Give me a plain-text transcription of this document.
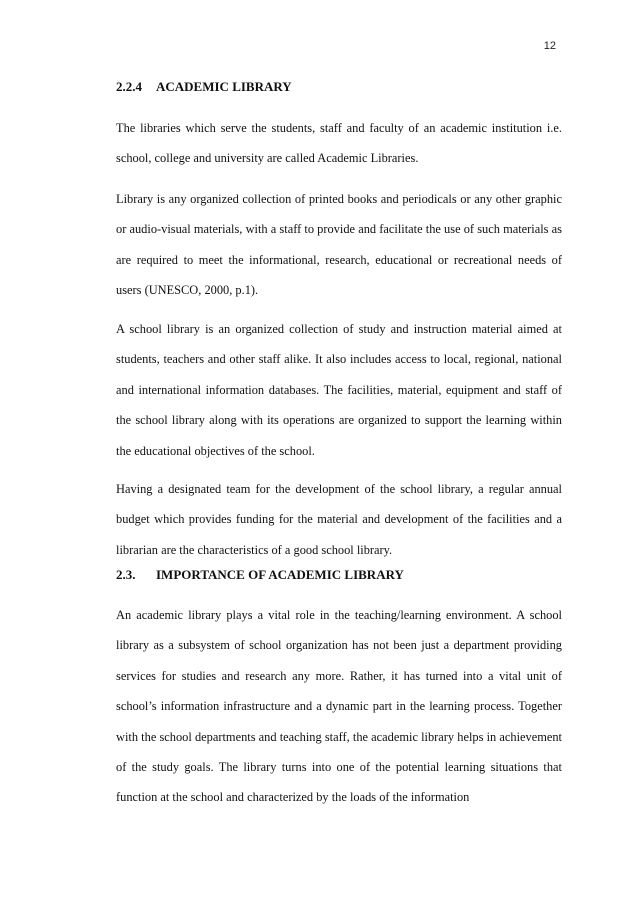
12
2.2.4 ACADEMIC LIBRARY

The libraries which serve the students, staff and faculty of an academic institution i.e. school, college and university are called Academic Libraries.

Library is any organized collection of printed books and periodicals or any other graphic or audio-visual materials, with a staff to provide and facilitate the use of such materials as are required to meet the informational, research, educational or recreational needs of users (UNESCO, 2000, p.1).

A school library is an organized collection of study and instruction material aimed at students, teachers and other staff alike. It also includes access to local, regional, national and international information databases. The facilities, material, equipment and staff of the school library along with its operations are organized to support the learning within the educational objectives of the school.

Having a designated team for the development of the school library, a regular annual budget which provides funding for the material and development of the facilities and a librarian are the characteristics of a good school library.

2.3. IMPORTANCE OF ACADEMIC LIBRARY

An academic library plays a vital role in the teaching/learning environment. A school library as a subsystem of school organization has not been just a department providing services for studies and research any more. Rather, it has turned into a vital unit of school’s information infrastructure and a dynamic part in the learning process. Together with the school departments and teaching staff, the academic library helps in achievement of the study goals. The library turns into one of the potential learning situations that function at the school and characterized by the loads of the information
